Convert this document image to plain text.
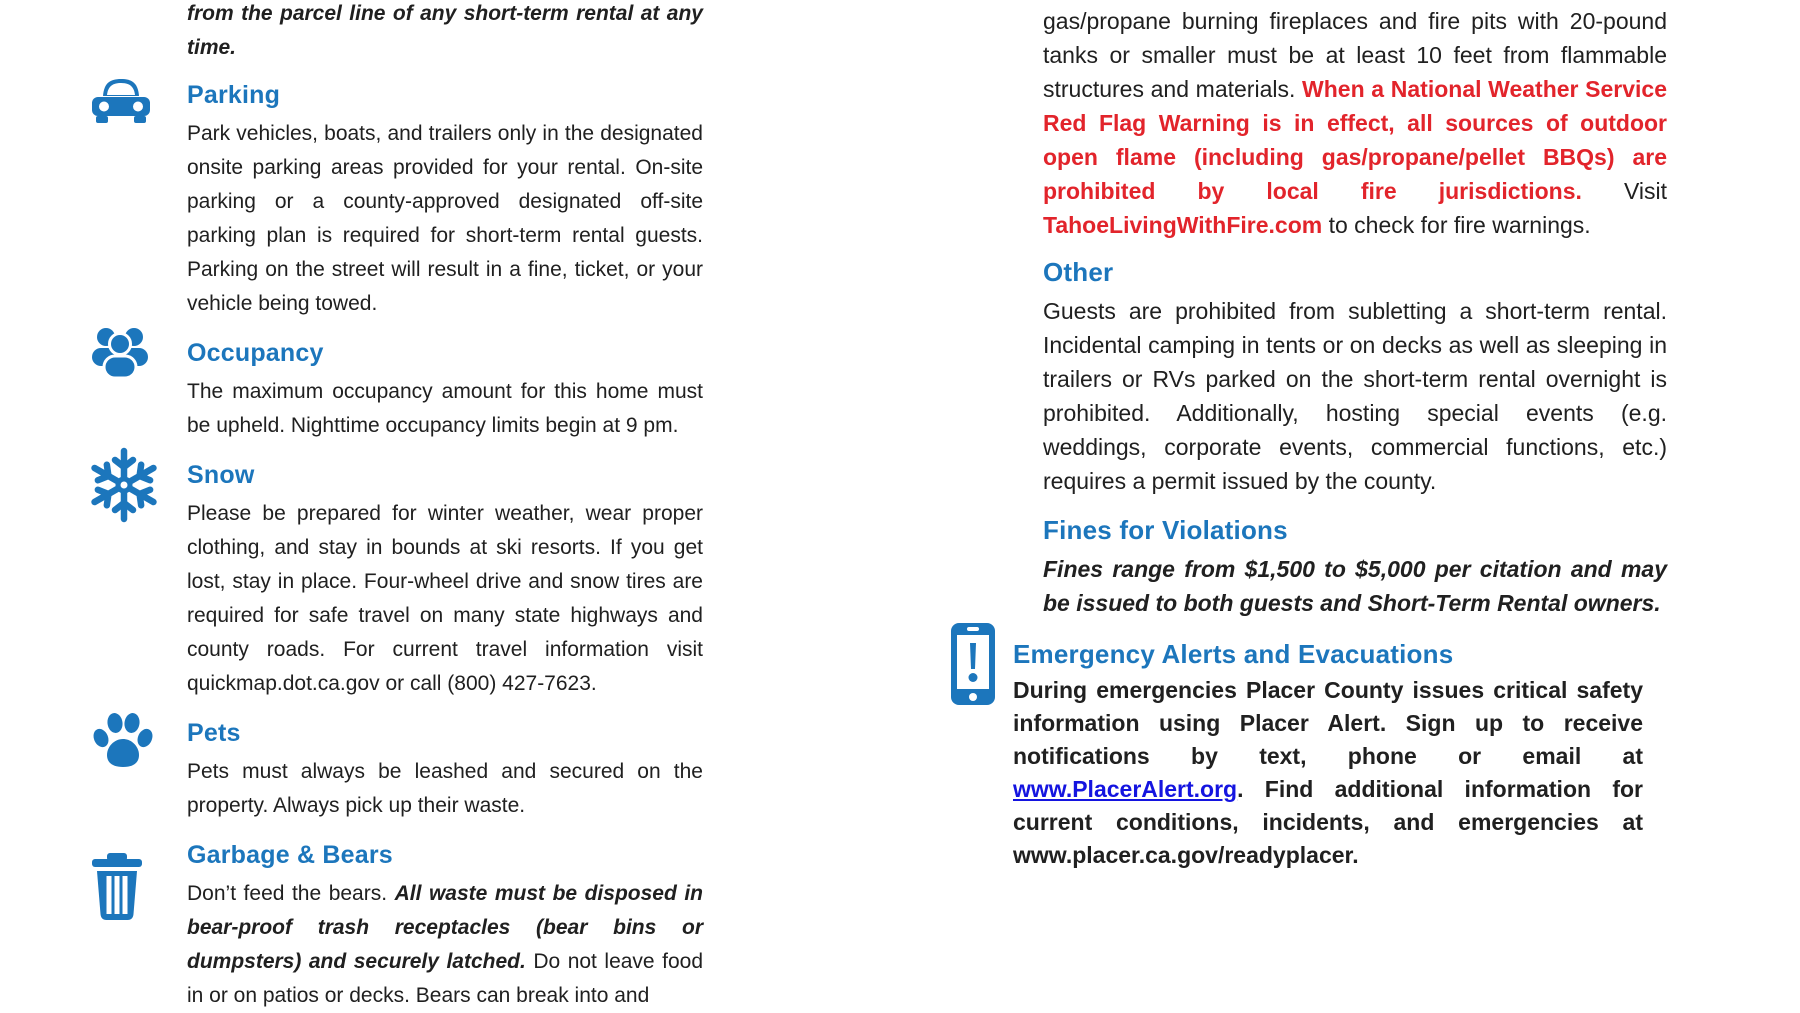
from the parcel line of any short-term rental at any time.

Parking

Park vehicles, boats, and trailers only in the designated onsite parking areas provided for your rental. On-site parking or a county-approved designated off-site parking plan is required for short-term rental guests. Parking on the street will result in a fine, ticket, or your vehicle being towed.

Occupancy

The maximum occupancy amount for this home must be upheld. Nighttime occupancy limits begin at 9 pm.

Snow

Please be prepared for winter weather, wear proper clothing, and stay in bounds at ski resorts. If you get lost, stay in place. Four-wheel drive and snow tires are required for safe travel on many state highways and county roads. For current travel information visit quickmap.dot.ca.gov or call (800) 427-7623.

Pets

Pets must always be leashed and secured on the property. Always pick up their waste.

Garbage & Bears

Don’t feed the bears. All waste must be disposed in bear-proof trash receptacles (bear bins or dumpsters) and securely latched. Do not leave food in or on patios or decks. Bears can break into and

gas/propane burning fireplaces and fire pits with 20-pound tanks or smaller must be at least 10 feet from flammable structures and materials. When a National Weather Service Red Flag Warning is in effect, all sources of outdoor open flame (including gas/propane/pellet BBQs) are prohibited by local fire jurisdictions. Visit TahoeLivingWithFire.com to check for fire warnings.

Other

Guests are prohibited from subletting a short-term rental. Incidental camping in tents or on decks as well as sleeping in trailers or RVs parked on the short-term rental overnight is prohibited. Additionally, hosting special events (e.g. weddings, corporate events, commercial functions, etc.) requires a permit issued by the county.

Fines for Violations

Fines range from $1,500 to $5,000 per citation and may be issued to both guests and Short-Term Rental owners.

Emergency Alerts and Evacuations

During emergencies Placer County issues critical safety information using Placer Alert. Sign up to receive notifications by text, phone or email at www.PlacerAlert.org. Find additional information for current conditions, incidents, and emergencies at www.placer.ca.gov/readyplacer.
